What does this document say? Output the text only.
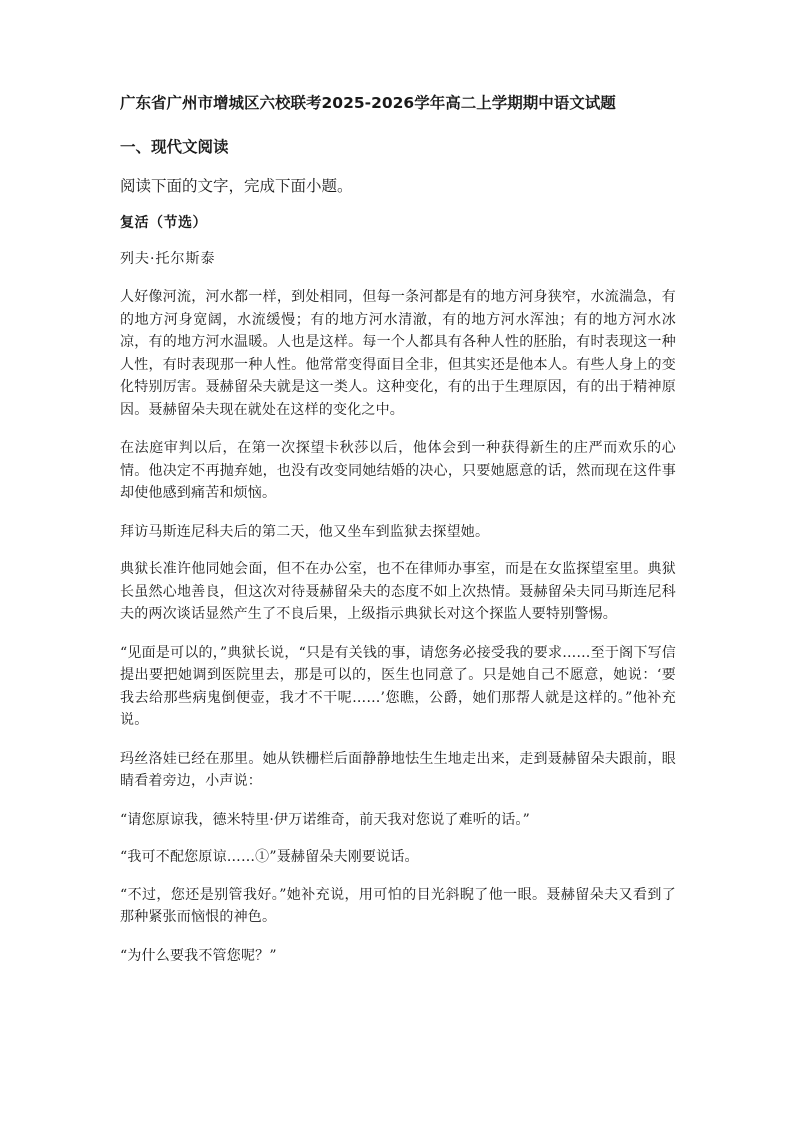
广东省广州市增城区六校联考2025-2026学年高二上学期期中语文试题
一、现代文阅读
阅读下面的文字，完成下面小题。
复活（节选）
列夫·托尔斯泰

人好像河流，河水都一样，到处相同，但每一条河都是有的地方河身狭窄，水流湍急，有的地方河身宽阔，水流缓慢；有的地方河水清澈，有的地方河水浑浊；有的地方河水冰凉，有的地方河水温暖。人也是这样。每一个人都具有各种人性的胚胎，有时表现这一种人性，有时表现那一种人性。他常常变得面目全非，但其实还是他本人。有些人身上的变化特别厉害。聂赫留朵夫就是这一类人。这种变化，有的出于生理原因，有的出于精神原因。聂赫留朵夫现在就处在这样的变化之中。

在法庭审判以后，在第一次探望卡秋莎以后，他体会到一种获得新生的庄严而欢乐的心情。他决定不再抛弃她，也没有改变同她结婚的决心，只要她愿意的话，然而现在这件事却使他感到痛苦和烦恼。

拜访马斯连尼科夫后的第二天，他又坐车到监狱去探望她。

典狱长准许他同她会面，但不在办公室，也不在律师办事室，而是在女监探望室里。典狱长虽然心地善良，但这次对待聂赫留朵夫的态度不如上次热情。聂赫留朵夫同马斯连尼科夫的两次谈话显然产生了不良后果，上级指示典狱长对这个探监人要特别警惕。

“见面是可以的，”典狱长说，“只是有关钱的事，请您务必接受我的要求……至于阁下写信提出要把她调到医院里去，那是可以的，医生也同意了。只是她自己不愿意，她说：‘要我去给那些病鬼倒便壶，我才不干呢……’您瞧，公爵，她们那帮人就是这样的。”他补充说。

玛丝洛娃已经在那里。她从铁栅栏后面静静地怯生生地走出来，走到聂赫留朵夫跟前，眼睛看着旁边，小声说：

“请您原谅我，德米特里·伊万诺维奇，前天我对您说了难听的话。”

“我可不配您原谅……①”聂赫留朵夫刚要说话。

“不过，您还是别管我好。”她补充说，用可怕的目光斜睨了他一眼。聂赫留朵夫又看到了那种紧张而恼恨的神色。

“为什么要我不管您呢？”
